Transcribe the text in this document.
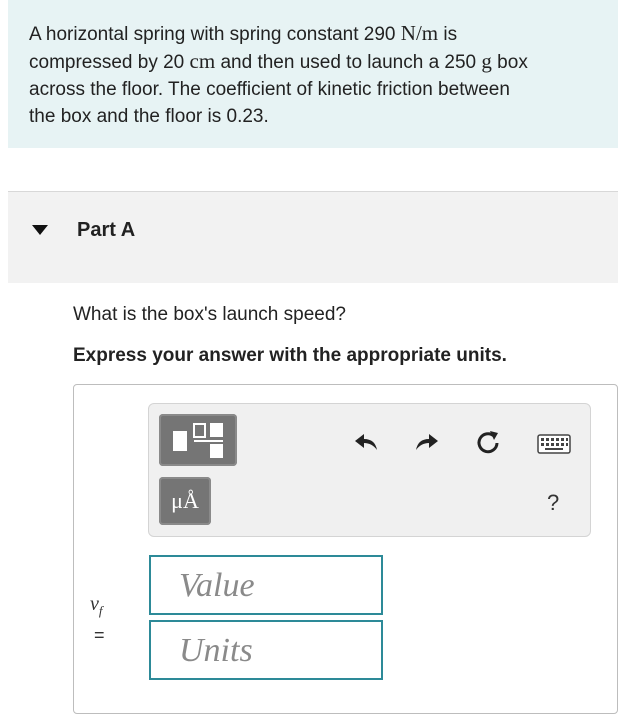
A horizontal spring with spring constant 290 N/m is
compressed by 20 cm and then used to launch a 250 g box
across the floor. The coefficient of kinetic friction between
the box and the floor is 0.23.
Part A
What is the box's launch speed?
Express your answer with the appropriate units.
μÅ	?
$v_f$
=
Value
Units
